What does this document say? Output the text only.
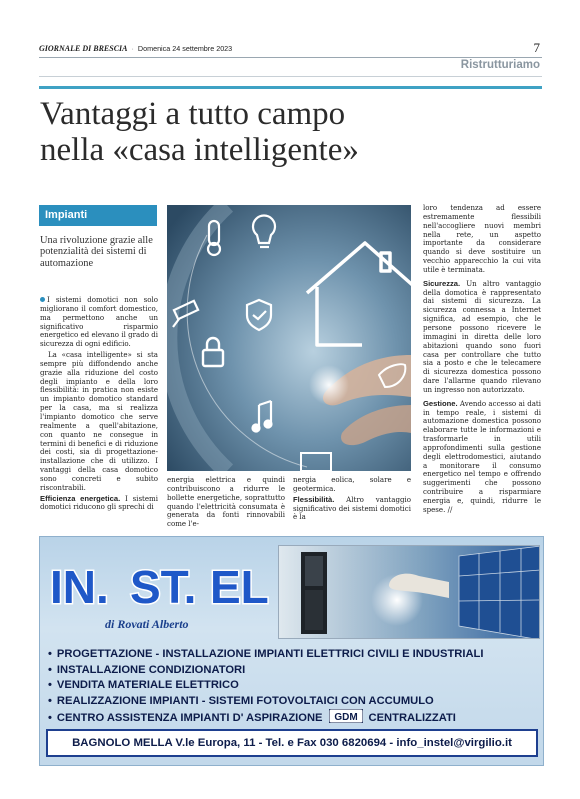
GIORNALE DI BRESCIA · Domenica 24 settembre 2023	7
Ristrutturiamo
Vantaggi a tutto campo
nella «casa intelligente»
Impianti
Una rivoluzione grazie alle potenzialità dei sistemi di automazione

I sistemi domotici non solo migliorano il comfort domestico, ma permettono anche un significativo risparmio energetico ed elevano il grado di sicurezza di ogni edificio.

La «casa intelligente» si sta sempre più diffondendo anche grazie alla riduzione del costo degli impianto e della loro flessibilità: in pratica non esiste un impianto domotico standard per la casa, ma si realizza l'impianto domotico che serve realmente a quell'abitazione, con quanto ne consegue in termini di benefici e di riduzione dei costi, sia di progettazione-installazione che di utilizzo. I vantaggi della casa domotico sono concreti e subito riscontrabili.

Efficienza energetica. I sistemi domotici riducono gli sprechi di

energia elettrica e quindi contribuiscono a ridurre le bollette energetiche, soprattutto quando l'elettricità consumata è generata da fonti rinnovabili come l'e-

nergia eolica, solare e geotermica.

Flessibilità. Altro vantaggio significativo dei sistemi domotici è la

loro tendenza ad essere estremamente flessibili nell'accogliere nuovi membri nella rete, un aspetto importante da considerare quando si deve sostituire un vecchio apparecchio la cui vita utile è terminata.

Sicurezza. Un altro vantaggio della domotica è rappresentato dai sistemi di sicurezza. La sicurezza connessa a Internet significa, ad esempio, che le persone possono ricevere le immagini in diretta delle loro abitazioni quando sono fuori casa per controllare che tutto sia a posto e che le telecamere di sicurezza domestica possono dare l'allarme quando rilevano un ingresso non autorizzato.

Gestione. Avendo accesso ai dati in tempo reale, i sistemi di automazione domestica possono elaborare tutte le informazioni e trasformarle in utili approfondimenti sulla gestione degli elettrodomestici, aiutando a monitorare il consumo energetico nel tempo e offrendo suggerimenti che possono contribuire a risparmiare energia e, quindi, ridurre le spese. //

IN. ST. EL
di Rovati Alberto
• PROGETTAZIONE - INSTALLAZIONE IMPIANTI ELETTRICI CIVILI E INDUSTRIALI
• INSTALLAZIONE CONDIZIONATORI
• VENDITA MATERIALE ELETTRICO
• REALIZZAZIONE IMPIANTI - SISTEMI FOTOVOLTAICI CON ACCUMULO
• CENTRO ASSISTENZA IMPIANTI D' ASPIRAZIONE GDM CENTRALIZZATI
BAGNOLO MELLA V.le Europa, 11 - Tel. e Fax 030 6820694 - info_instel@virgilio.it
